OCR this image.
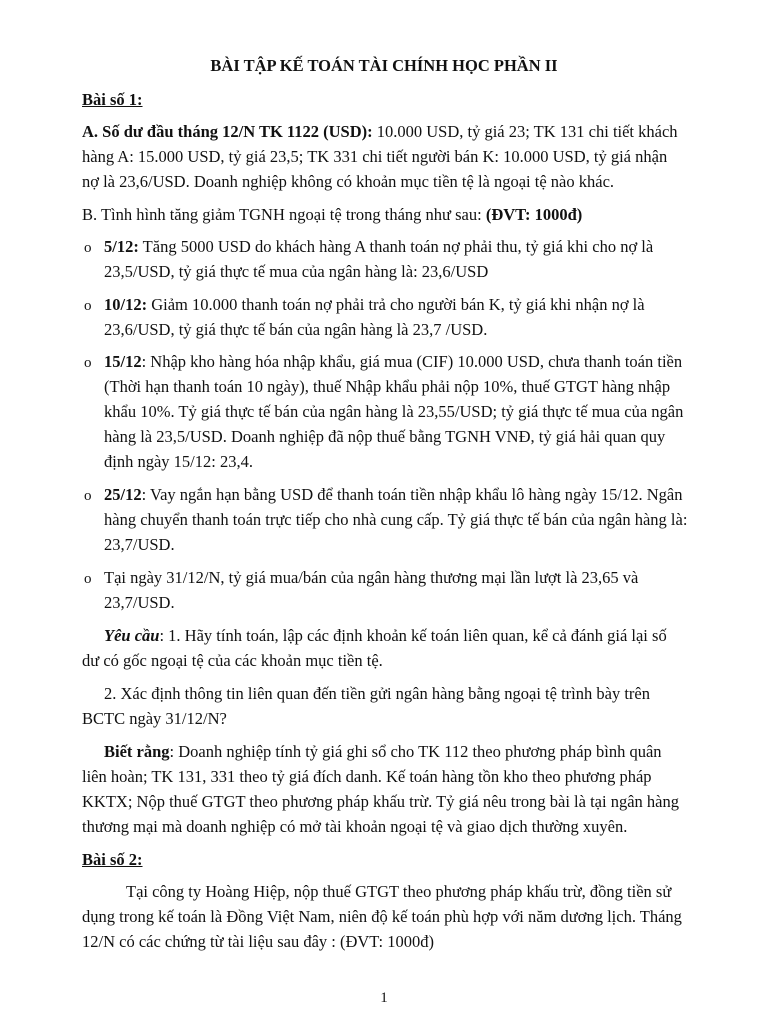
BÀI TẬP KẾ TOÁN TÀI CHÍNH HỌC PHẦN II
Bài số 1:
A. Số dư đầu tháng 12/N TK 1122 (USD): 10.000 USD, tỷ giá 23; TK 131 chi tiết khách
hàng A: 15.000 USD, tỷ giá 23,5; TK 331 chi tiết người bán K: 10.000 USD, tỷ giá nhận
nợ là 23,6/USD. Doanh nghiệp không có khoản mục tiền tệ là ngoại tệ nào khác.
B. Tình hình tăng giảm TGNH ngoại tệ trong tháng như sau: (ĐVT: 1000đ)
o 5/12: Tăng 5000 USD do khách hàng A thanh toán nợ phải thu, tỷ giá khi cho nợ là
23,5/USD, tỷ giá thực tế mua của ngân hàng là: 23,6/USD
o 10/12: Giảm 10.000 thanh toán nợ phải trả cho người bán K, tỷ giá khi nhận nợ là
23,6/USD, tỷ giá thực tế bán của ngân hàng là 23,7 /USD.
o 15/12: Nhập kho hàng hóa nhập khẩu, giá mua (CIF) 10.000 USD, chưa thanh toán tiền
(Thời hạn thanh toán 10 ngày), thuế Nhập khẩu phải nộp 10%, thuế GTGT hàng nhập
khẩu 10%. Tỷ giá thực tế bán của ngân hàng là 23,55/USD; tỷ giá thực tế mua của ngân
hàng là 23,5/USD. Doanh nghiệp đã nộp thuế bằng TGNH VNĐ, tỷ giá hải quan quy
định ngày 15/12: 23,4.
o 25/12: Vay ngắn hạn bằng USD để thanh toán tiền nhập khẩu lô hàng ngày 15/12. Ngân
hàng chuyển thanh toán trực tiếp cho nhà cung cấp. Tỷ giá thực tế bán của ngân hàng là:
23,7/USD.
o Tại ngày 31/12/N, tỷ giá mua/bán của ngân hàng thương mại lần lượt là 23,65 và
23,7/USD.
Yêu cầu: 1. Hãy tính toán, lập các định khoản kế toán liên quan, kể cả đánh giá lại số
dư có gốc ngoại tệ của các khoản mục tiền tệ.
2. Xác định thông tin liên quan đến tiền gửi ngân hàng bằng ngoại tệ trình bày trên
BCTC ngày 31/12/N?
Biết rằng: Doanh nghiệp tính tỷ giá ghi sổ cho TK 112 theo phương pháp bình quân
liên hoàn; TK 131, 331 theo tỷ giá đích danh. Kế toán hàng tồn kho theo phương pháp
KKTX; Nộp thuế GTGT theo phương pháp khấu trừ. Tỷ giá nêu trong bài là tại ngân hàng
thương mại mà doanh nghiệp có mở tài khoản ngoại tệ và giao dịch thường xuyên.
Bài số 2:
Tại công ty Hoàng Hiệp, nộp thuế GTGT theo phương pháp khấu trừ, đồng tiền sử
dụng trong kế toán là Đồng Việt Nam, niên độ kế toán phù hợp với năm dương lịch. Tháng
12/N có các chứng từ tài liệu sau đây : (ĐVT: 1000đ)
1
